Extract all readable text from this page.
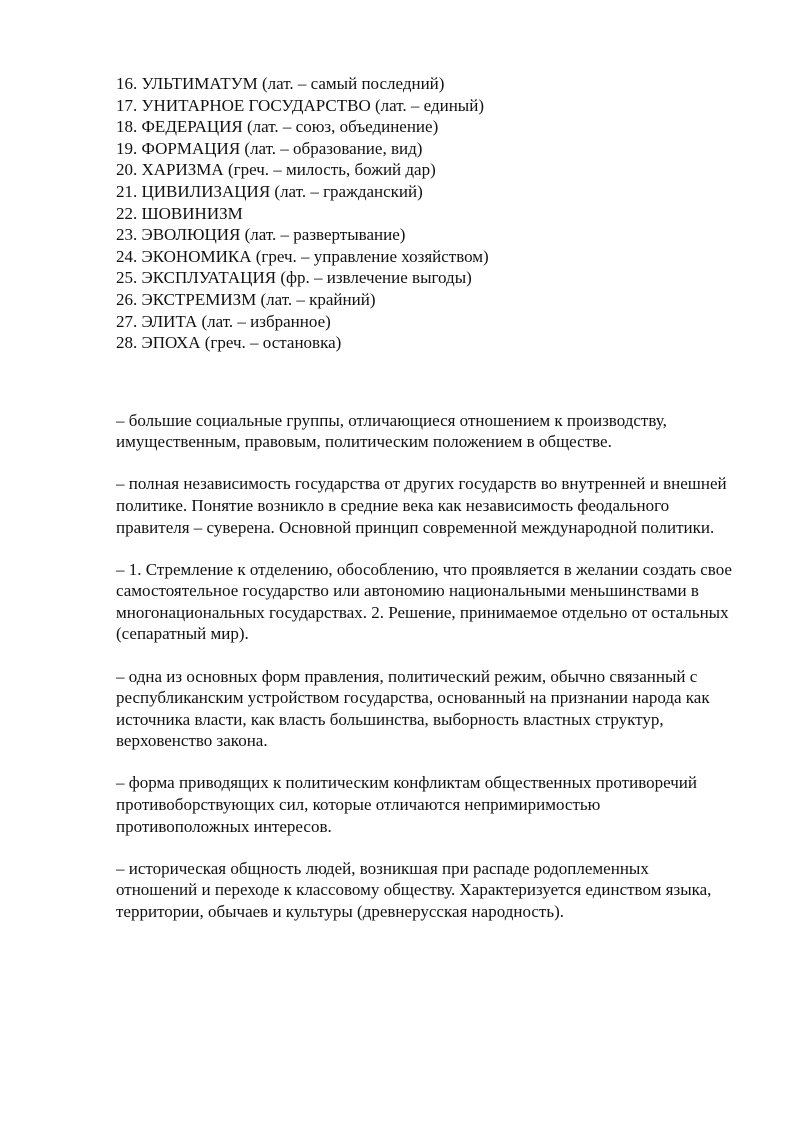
16. УЛЬТИМАТУМ (лат. – самый последний)
17. УНИТАРНОЕ ГОСУДАРСТВО (лат. – единый)
18. ФЕДЕРАЦИЯ (лат. – союз, объединение)
19. ФОРМАЦИЯ (лат. – образование, вид)
20. ХАРИЗМА (греч. – милость, божий дар)
21. ЦИВИЛИЗАЦИЯ (лат. – гражданский)
22. ШОВИНИЗМ
23. ЭВОЛЮЦИЯ (лат. – развертывание)
24. ЭКОНОМИКА (греч. – управление хозяйством)
25. ЭКСПЛУАТАЦИЯ (фр. – извлечение выгоды)
26. ЭКСТРЕМИЗМ (лат. – крайний)
27. ЭЛИТА (лат. – избранное)
28. ЭПОХА (греч. – остановка)

– большие социальные группы, отличающиеся отношением к производству, имущественным, правовым, политическим положением в обществе.

– полная независимость государства от других государств во внутренней и внешней политике. Понятие возникло в средние века как независимость феодального правителя – суверена. Основной принцип современной международной политики.

– 1. Стремление к отделению, обособлению, что проявляется в желании создать свое самостоятельное государство или автономию национальными меньшинствами в многонациональных государствах. 2. Решение, принимаемое отдельно от остальных (сепаратный мир).

– одна из основных форм правления, политический режим, обычно связанный с республиканским устройством государства, основанный на признании народа как источника власти, как власть большинства, выборность властных структур, верховенство закона.

– форма приводящих к политическим конфликтам общественных противоречий противоборствующих сил, которые отличаются непримиримостью противоположных интересов.

– историческая общность людей, возникшая при распаде родоплеменных отношений и переходе к классовому обществу. Характеризуется единством языка, территории, обычаев и культуры (древнерусская народность).
